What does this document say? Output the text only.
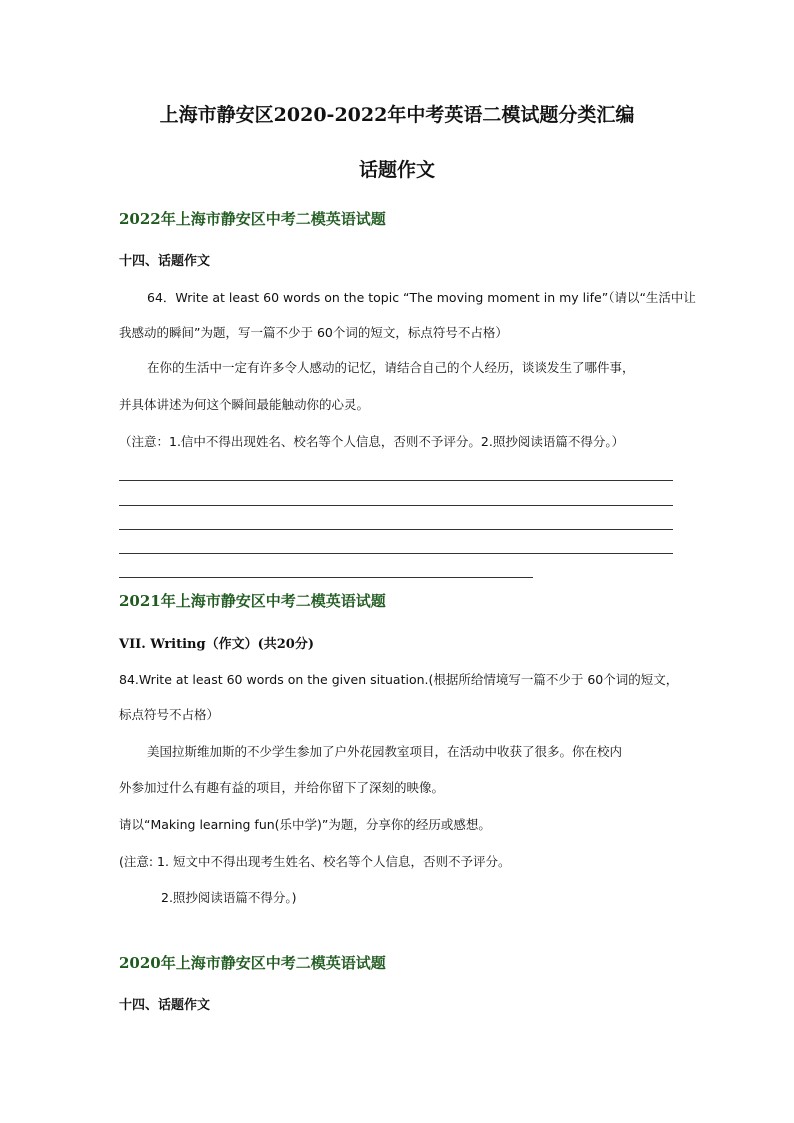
上海市静安区2020-2022年中考英语二模试题分类汇编
话题作文
2022年上海市静安区中考二模英语试题
十四、话题作文
64．Write at least 60 words on the topic “The moving moment in my life”（请以“生活中让
我感动的瞬间”为题，写一篇不少于 60个词的短文，标点符号不占格）
在你的生活中一定有许多令人感动的记忆，请结合自己的个人经历，谈谈发生了哪件事，
并具体讲述为何这个瞬间最能触动你的心灵。
（注意：1.信中不得出现姓名、校名等个人信息，否则不予评分。2.照抄阅读语篇不得分。）
2021年上海市静安区中考二模英语试题
VII. Writing（作文）(共20分)
84.Write at least 60 words on the given situation.(根据所给情境写一篇不少于 60个词的短文，
标点符号不占格）
美国拉斯维加斯的不少学生参加了户外花园教室项目，在活动中收获了很多。你在校内
外参加过什么有趣有益的项目，并给你留下了深刻的映像。
请以“Making learning fun(乐中学)”为题，分享你的经历或感想。
(注意: 1. 短文中不得出现考生姓名、校名等个人信息，否则不予评分。
2.照抄阅读语篇不得分。)
2020年上海市静安区中考二模英语试题
十四、话题作文
